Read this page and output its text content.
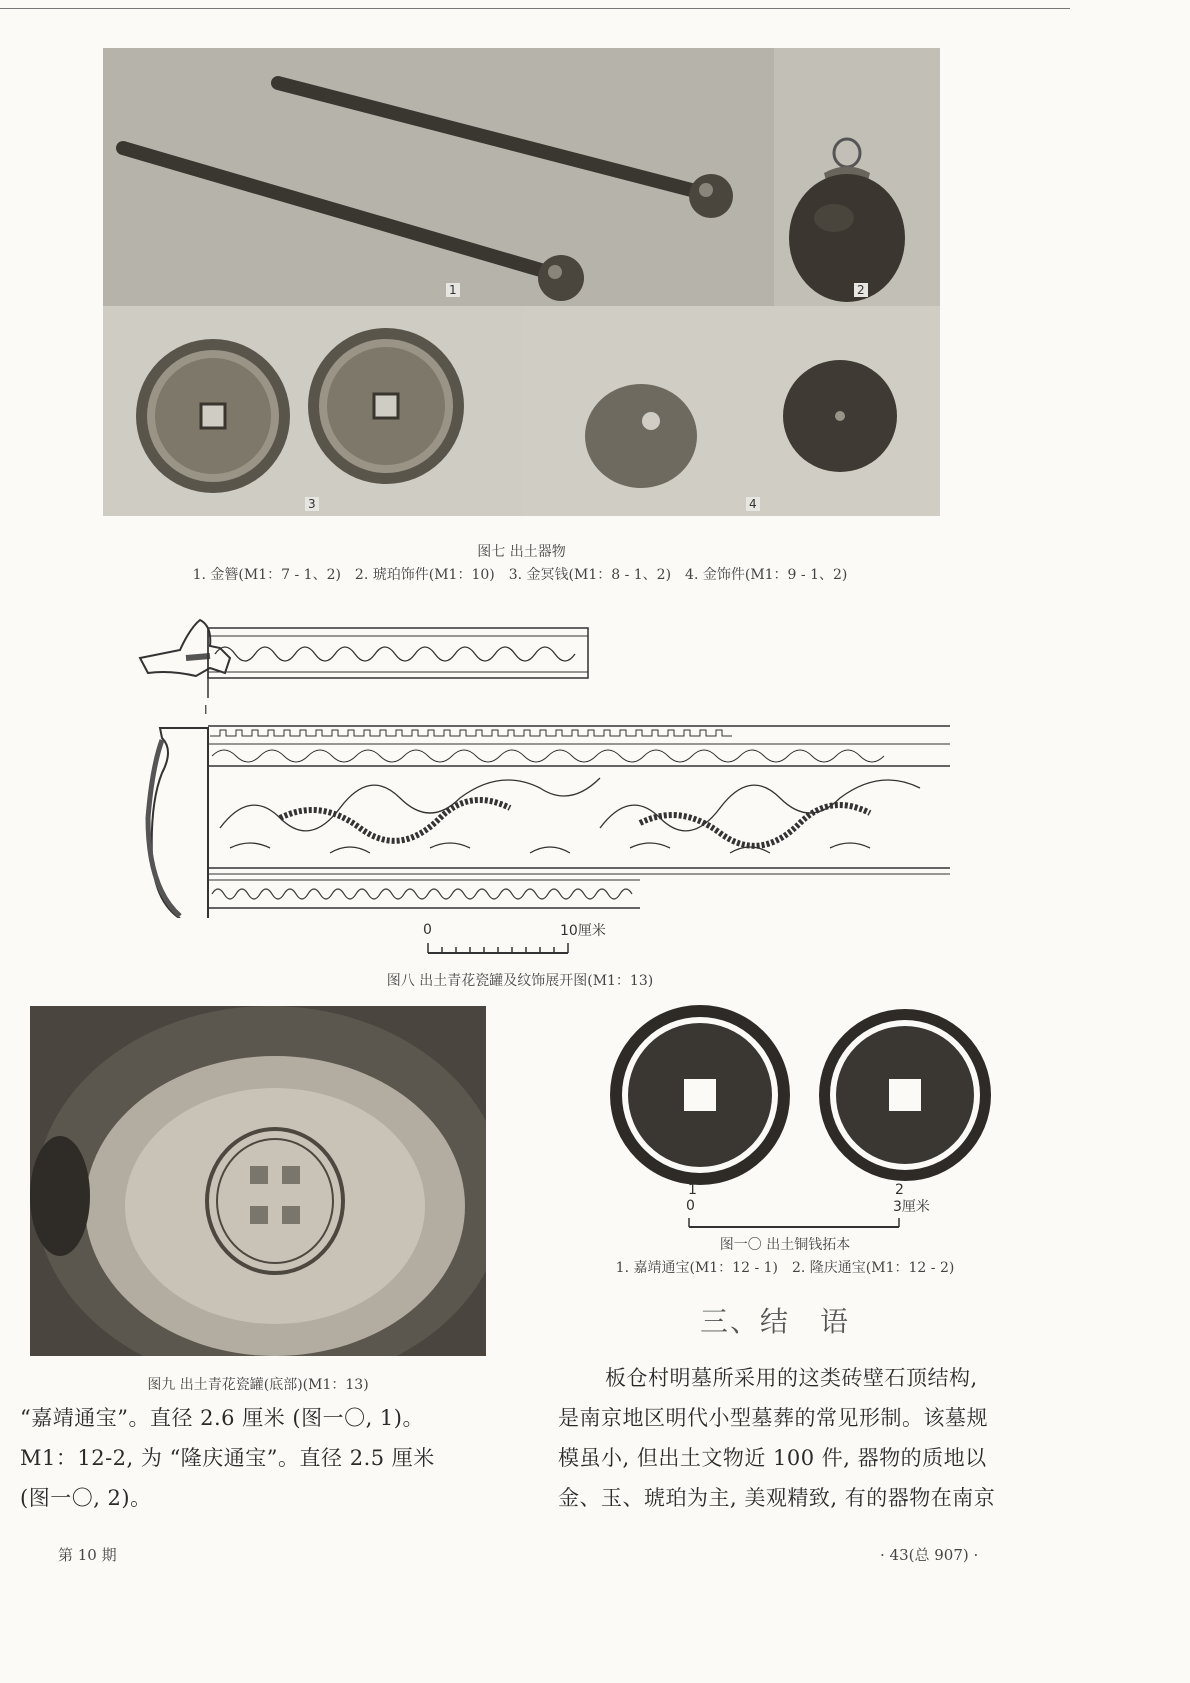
1	2
3	4
图七 出土器物
1. 金簪(M1：7 - 1、2)　2. 琥珀饰件(M1：10)　3. 金冥钱(M1：8 - 1、2)　4. 金饰件(M1：9 - 1、2)
I
0	10厘米
图八 出土青花瓷罐及纹饰展开图(M1：13)
图九 出土青花瓷罐(底部)(M1：13)
1	2
0	3厘米
图一〇 出土铜钱拓本
1. 嘉靖通宝(M1：12 - 1)　2. 隆庆通宝(M1：12 - 2)
三、结　语
“嘉靖通宝”。直径 2.6 厘米 (图一〇, 1)。
M1：12-2, 为 “隆庆通宝”。直径 2.5 厘米
(图一〇, 2)。
板仓村明墓所采用的这类砖壁石顶结构,
是南京地区明代小型墓葬的常见形制。该墓规
模虽小, 但出土文物近 100 件, 器物的质地以
金、玉、琥珀为主, 美观精致, 有的器物在南京
第 10 期	· 43(总 907) ·
